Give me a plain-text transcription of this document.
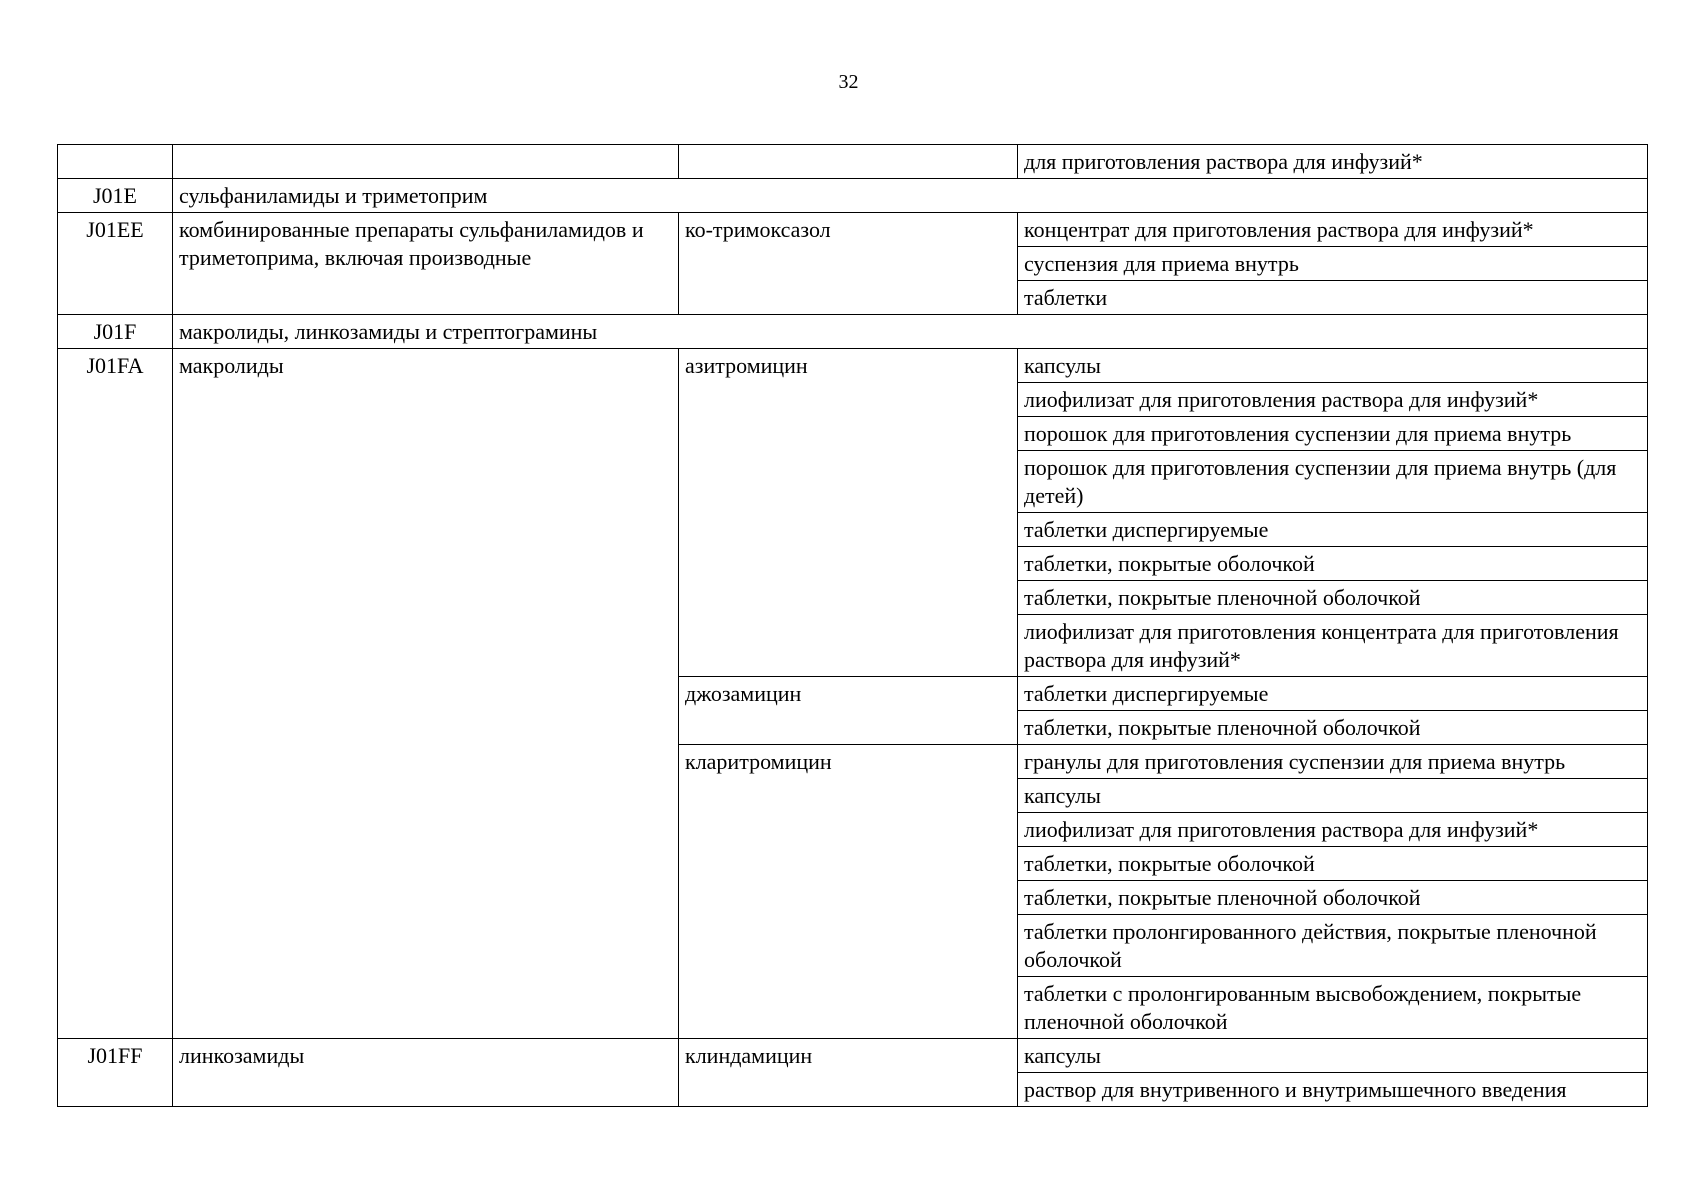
32
			для приготовления раствора для инфузий*
J01E	сульфаниламиды и триметоприм		
J01EE	комбинированные препараты сульфаниламидов и триметоприма, включая производные	ко-тримоксазол	концентрат для приготовления раствора для инфузий*
			суспензия для приема внутрь
			таблетки
J01F	макролиды, линкозамиды и стрептограмины		
J01FA	макролиды	азитромицин	капсулы
			лиофилизат для приготовления раствора для инфузий*
			порошок для приготовления суспензии для приема внутрь
			порошок для приготовления суспензии для приема внутрь (для детей)
			таблетки диспергируемые
			таблетки, покрытые оболочкой
			таблетки, покрытые пленочной оболочкой
			лиофилизат для приготовления концентрата для приготовления раствора для инфузий*
		джозамицин	таблетки диспергируемые
			таблетки, покрытые пленочной оболочкой
		кларитромицин	гранулы для приготовления суспензии для приема внутрь
			капсулы
			лиофилизат для приготовления раствора для инфузий*
			таблетки, покрытые оболочкой
			таблетки, покрытые пленочной оболочкой
			таблетки пролонгированного действия, покрытые пленочной оболочкой
			таблетки с пролонгированным высвобождением, покрытые пленочной оболочкой
J01FF	линкозамиды	клиндамицин	капсулы
			раствор для внутривенного и внутримышечного введения
